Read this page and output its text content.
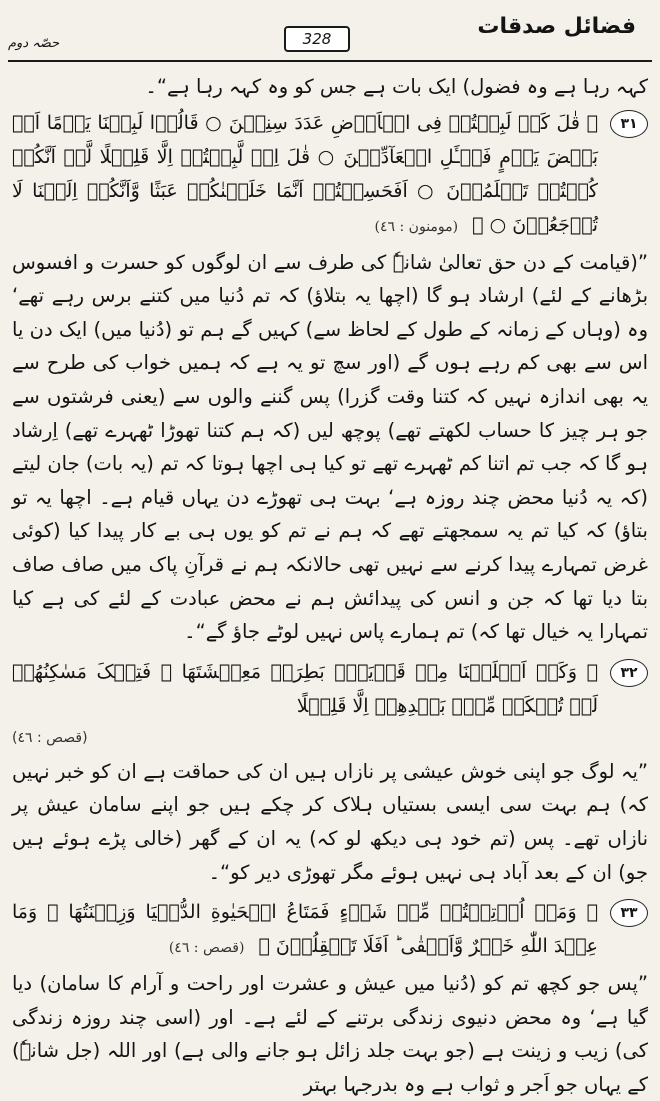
فضائل صدقات
328
حصّہ دوم

کہہ رہا ہے وہ فضول) ایک بات ہے جس کو وہ کہہ رہا ہے“۔

۳۱

﴿ قٰلَ کَمۡ لَبِثۡتُمۡ فِی الۡاَرۡضِ عَدَدَ سِنِیۡنَ ○ قَالُوۡا لَبِثۡنَا یَوۡمًا اَوۡ بَعۡضَ یَوۡمٍ فَسۡـَٔلِ الۡعَآدِّیۡنَ ○ قٰلَ اِنۡ لَّبِثۡتُمۡ اِلَّا قَلِیۡلًا لَّوۡ اَنَّکُمۡ کُنۡتُمۡ تَعۡلَمُوۡنَ ○ اَفَحَسِبۡتُمۡ اَنَّمَا خَلَقۡنٰکُمۡ عَبَثًا وَّاَنَّکُمۡ اِلَیۡنَا لَا تُرۡجَعُوۡنَ ○ ﴾ (مومنون : ٤٦)

”(قیامت کے دن حق تعالیٰ شانہٗ کی طرف سے ان لوگوں کو حسرت و افسوس بڑھانے کے لئے) ارشاد ہو گا (اچھا یہ بتلاؤ) کہ تم دُنیا میں کتنے برس رہے تھے‘ وہ (وہاں کے زمانہ کے طول کے لحاظ سے) کہیں گے ہم تو (دُنیا میں) ایک دن یا اس سے بھی کم رہے ہوں گے (اور سچ تو یہ ہے کہ ہمیں خواب کی طرح سے یہ بھی اندازہ نہیں کہ کتنا وقت گزرا) پس گننے والوں سے (یعنی فرشتوں سے جو ہر چیز کا حساب لکھتے تھے) پوچھ لیں (کہ ہم کتنا تھوڑا ٹھہرے تھے) اِرشاد ہو گا کہ جب تم اتنا کم ٹھہرے تھے تو کیا ہی اچھا ہوتا کہ تم (یہ بات) جان لیتے (کہ یہ دُنیا محض چند روزہ ہے‘ بہت ہی تھوڑے دن یہاں قیام ہے۔ اچھا یہ تو بتاؤ) کہ کیا تم یہ سمجھتے تھے کہ ہم نے تم کو یوں ہی بے کار پیدا کیا (کوئی غرض تمہارے پیدا کرنے سے نہیں تھی حالانکہ ہم نے قرآنِ پاک میں صاف صاف بتا دیا تھا کہ جن و انس کی پیدائش ہم نے محض عبادت کے لئے کی ہے کیا تمہارا یہ خیال تھا کہ) تم ہمارے پاس نہیں لوٹے جاؤ گے“۔

۳۲

﴿ وَکَمۡ اَهۡلَکۡنَا مِنۡ قَرۡیَةٍۭ بَطِرَتۡ مَعِیۡشَتَهَا ۚ فَتِلۡکَ مَسٰکِنُهُمۡ لَمۡ تُسۡکَنۡ مِّنۡۢ بَعۡدِهِمۡ اِلَّا قَلِیۡلًا

(قصص : ٤٦)

”یہ لوگ جو اپنی خوش عیشی پر نازاں ہیں ان کی حماقت ہے ان کو خبر نہیں کہ) ہم بہت سی ایسی بستیاں ہلاک کر چکے ہیں جو اپنے سامان عیش پر نازاں تھے۔ پس (تم خود ہی دیکھ لو کہ) یہ ان کے گھر (خالی پڑے ہوئے ہیں جو) ان کے بعد آباد ہی نہیں ہوئے مگر تھوڑی دیر کو“۔

۳۳

﴿ وَمَاۤ اُوۡتِیۡتُمۡ مِّنۡ شَیۡءٍ فَمَتَاعُ الۡحَیٰوةِ الدُّنۡیَا وَزِیۡنَتُهَا ۚ وَمَا عِنۡدَ اللّٰهِ خَیۡرٌ وَّاَبۡقٰی ؕ اَفَلَا تَعۡقِلُوۡنَ ﴾ (قصص : ٤٦)

”پس جو کچھ تم کو (دُنیا میں عیش و عشرت اور راحت و آرام کا سامان) دیا گیا ہے‘ وہ محض دنیوی زندگی برتنے کے لئے ہے۔ اور (اسی چند روزہ زندگی کی) زیب و زینت ہے (جو بہت جلد زائل ہو جانے والی ہے) اور اللہ (جل شانہٗ) کے یہاں جو اَجر و ثواب ہے وہ بدرجہا بہتر
